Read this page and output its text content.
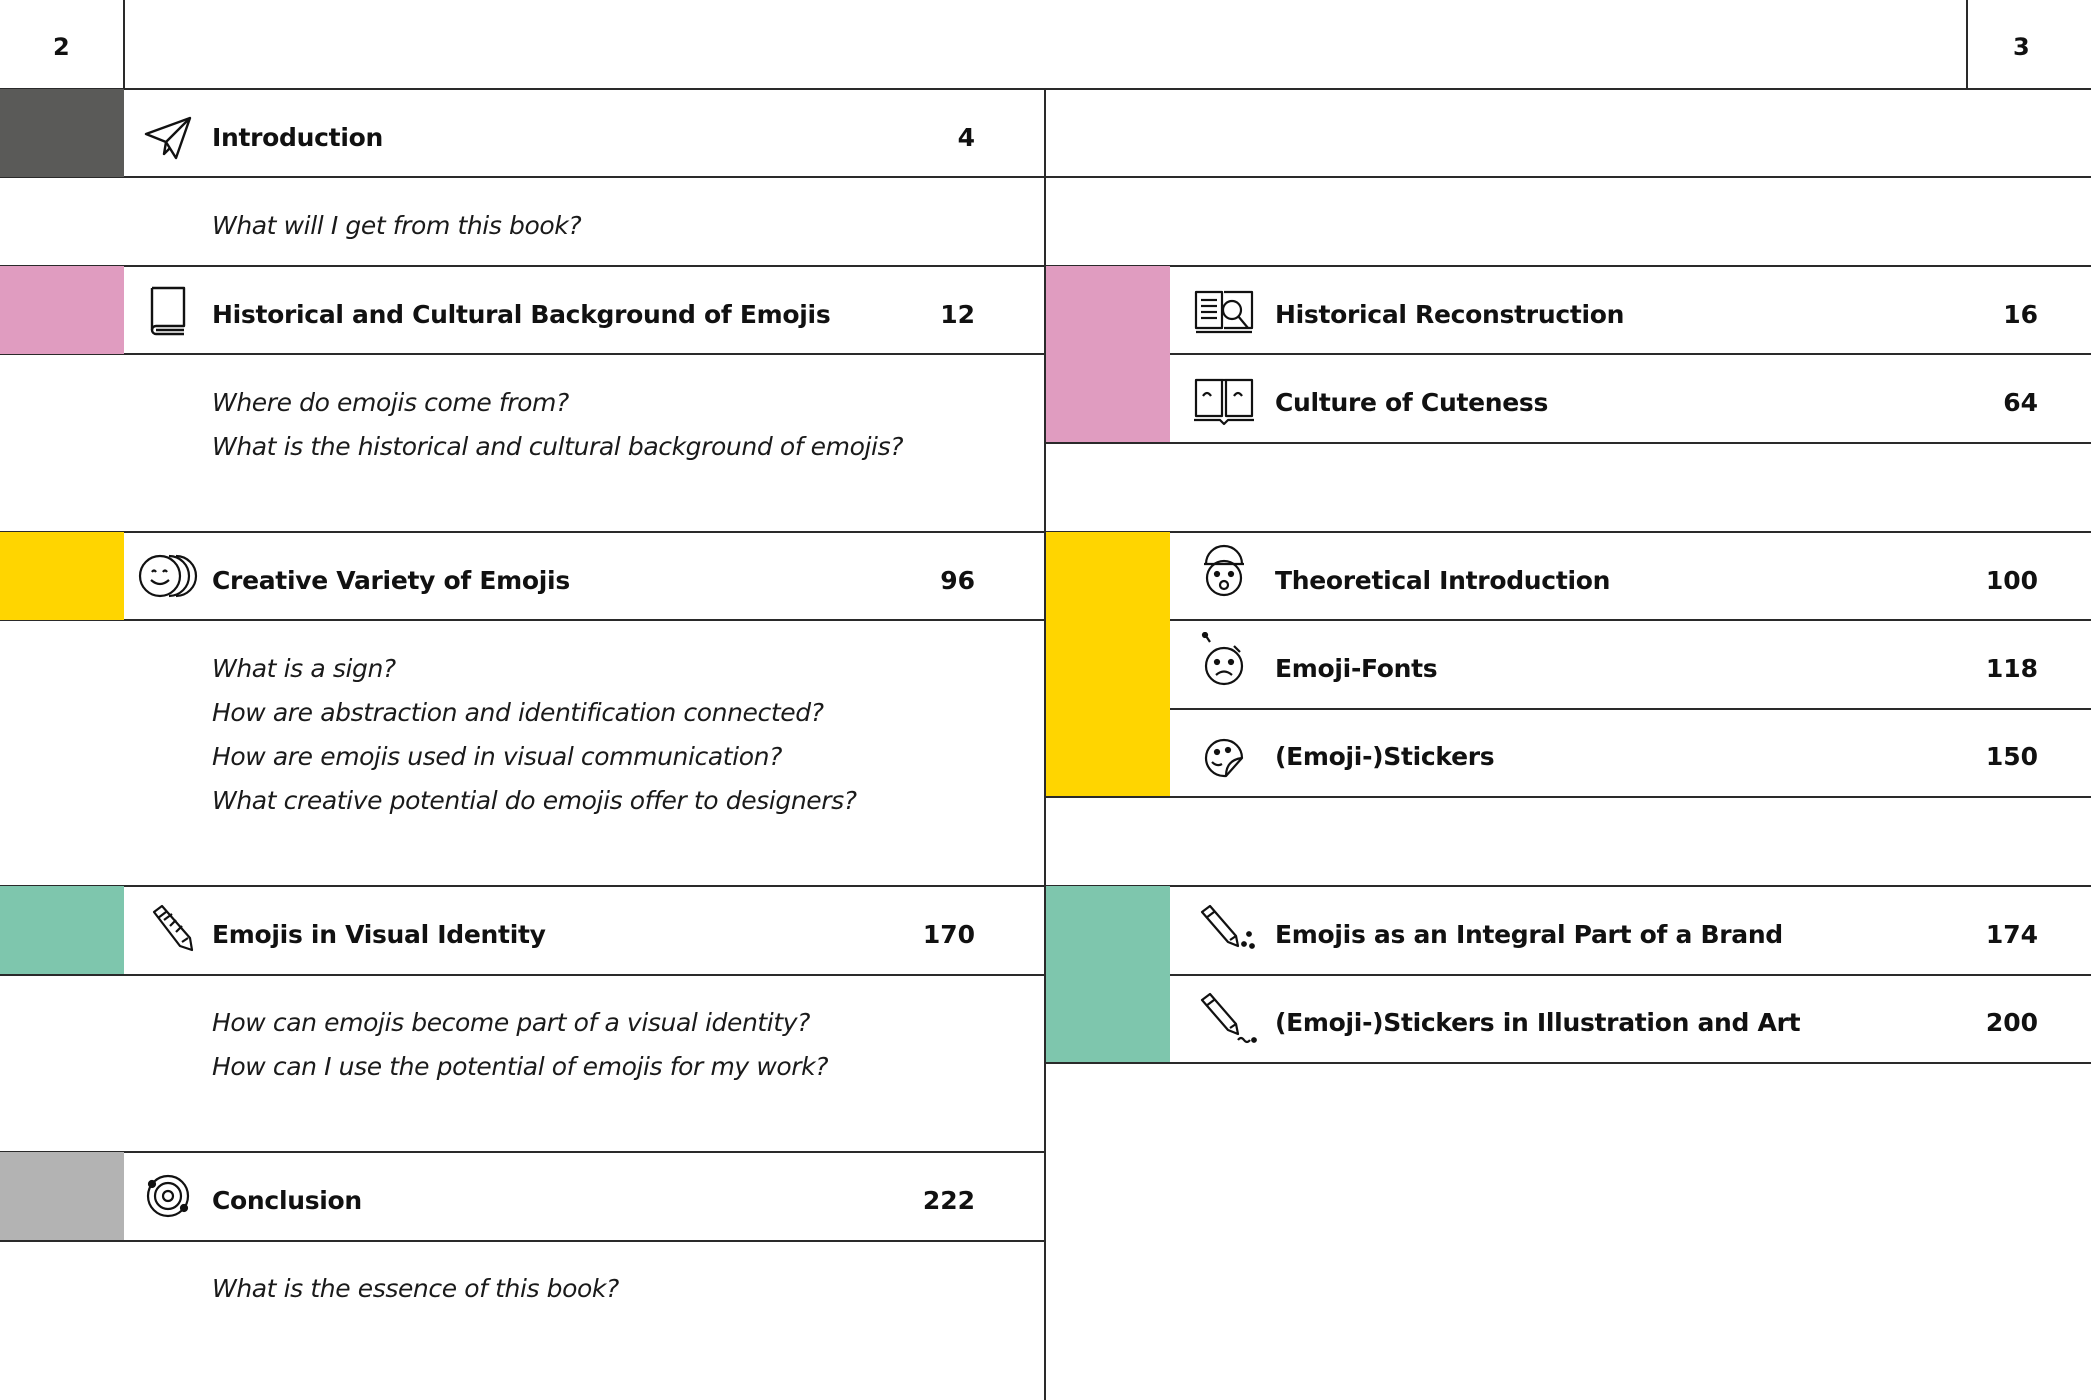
2	3
Introduction	4
What will I get from this book?
Historical and Cultural Background of Emojis	12
Where do emojis come from?
What is the historical and cultural background of emojis?
Creative Variety of Emojis	96
What is a sign?
How are abstraction and identification connected?
How are emojis used in visual communication?
What creative potential do emojis offer to designers?
Emojis in Visual Identity	170
How can emojis become part of a visual identity?
How can I use the potential of emojis for my work?
Conclusion	222
What is the essence of this book?
Historical Reconstruction	16
Culture of Cuteness	64
Theoretical Introduction	100
Emoji-Fonts	118
(Emoji-)Stickers	150
Emojis as an Integral Part of a Brand	174
(Emoji-)Stickers in Illustration and Art	200
